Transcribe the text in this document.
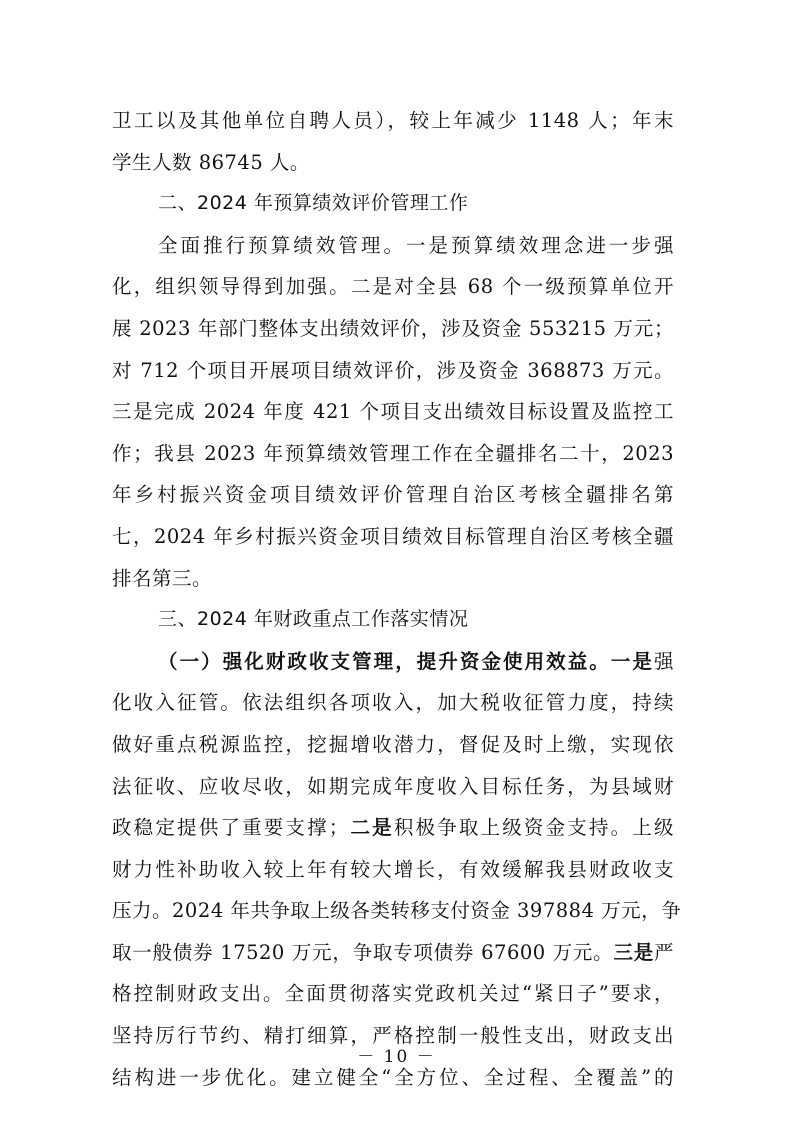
卫工以及其他单位自聘人员），较上年减少 1148 人；年末
学生人数 86745 人。
二、2024 年预算绩效评价管理工作
全面推行预算绩效管理。一是预算绩效理念进一步强
化，组织领导得到加强。二是对全县 68 个一级预算单位开
展 2023 年部门整体支出绩效评价，涉及资金 553215 万元；
对 712 个项目开展项目绩效评价，涉及资金 368873 万元。
三是完成 2024 年度 421 个项目支出绩效目标设置及监控工
作；我县 2023 年预算绩效管理工作在全疆排名二十，2023
年乡村振兴资金项目绩效评价管理自治区考核全疆排名第
七，2024 年乡村振兴资金项目绩效目标管理自治区考核全疆
排名第三。
三、2024 年财政重点工作落实情况
（一）强化财政收支管理，提升资金使用效益。一是强
化收入征管。依法组织各项收入，加大税收征管力度，持续
做好重点税源监控，挖掘增收潜力，督促及时上缴，实现依
法征收、应收尽收，如期完成年度收入目标任务，为县域财
政稳定提供了重要支撑；二是积极争取上级资金支持。上级
财力性补助收入较上年有较大增长，有效缓解我县财政收支
压力。2024 年共争取上级各类转移支付资金 397884 万元，争
取一般债券 17520 万元，争取专项债券 67600 万元。三是严
格控制财政支出。全面贯彻落实党政机关过“紧日子”要求，
坚持厉行节约、精打细算，严格控制一般性支出，财政支出
结构进一步优化。建立健全“全方位、全过程、全覆盖”的
－ 10 －
